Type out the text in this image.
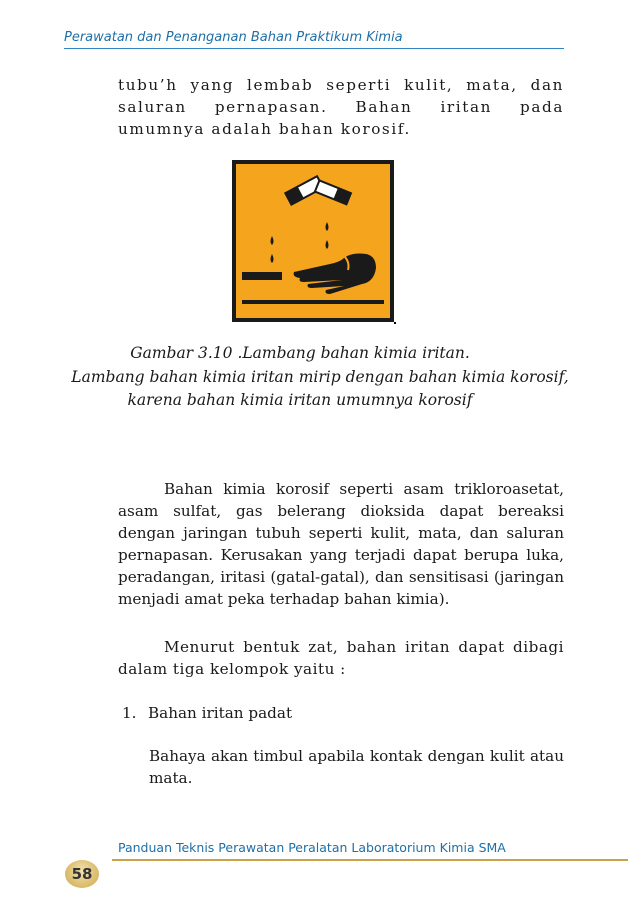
Perawatan dan Penanganan Bahan Praktikum Kimia

tubu’h yang lembab seperti kulit, mata, dan saluran pernapasan. Bahan iritan pada umumnya adalah bahan korosif.

Gambar 3.10 .Lambang bahan kimia iritan.

Lambang bahan kimia iritan mirip dengan bahan kimia korosif,

karena bahan kimia iritan umumnya korosif

Bahan kimia korosif seperti asam trikloroasetat, asam sulfat, gas belerang dioksida dapat bereaksi dengan jaringan tubuh seperti kulit, mata, dan saluran pernapasan. Kerusakan yang terjadi dapat berupa luka, peradangan, iritasi (gatal-gatal), dan sensitisasi (jaringan menjadi amat peka terhadap bahan kimia).

Menurut bentuk zat, bahan iritan dapat dibagi dalam tiga kelompok yaitu :

1. Bahan iritan padat

Bahaya akan timbul apabila kontak dengan kulit atau mata.

Panduan Teknis Perawatan Peralatan Laboratorium Kimia SMA
58
